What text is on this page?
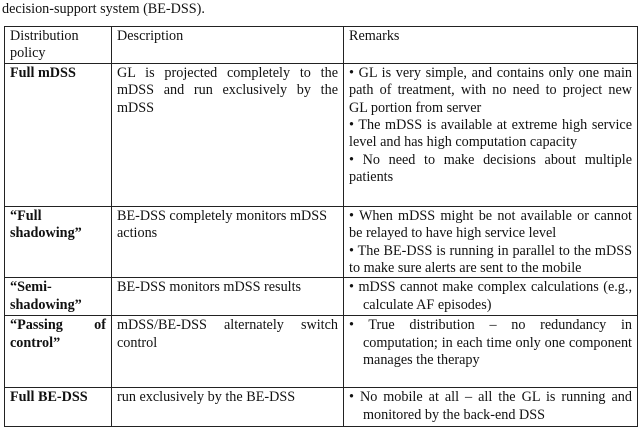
decision-support system (BE-DSS).
Distribution policy	Description	Remarks
Full mDSS	GL is projected completely to the mDSS and run exclusively by the mDSS	• GL is very simple, and contains only one main path of treatment, with no need to project new GL portion from server

• The mDSS is available at extreme high service level and has high computation capacity

• No need to make decisions about multiple patients

“Full shadowing”	BE-DSS completely monitors mDSS actions	• When mDSS might be not available or cannot be relayed to have high service level

• The BE-DSS is running in parallel to the mDSS to make sure alerts are sent to the mobile

“Semi-shadowing”	BE-DSS monitors mDSS results	• mDSS cannot make complex calculations (e.g., calculate AF episodes)

“Passing of control”	mDSS/BE-DSS alternately switch control	• True distribution – no redundancy in computation; in each time only one component manages the therapy

Full BE-DSS	run exclusively by the BE-DSS	• No mobile at all – all the GL is running and monitored by the back-end DSS
